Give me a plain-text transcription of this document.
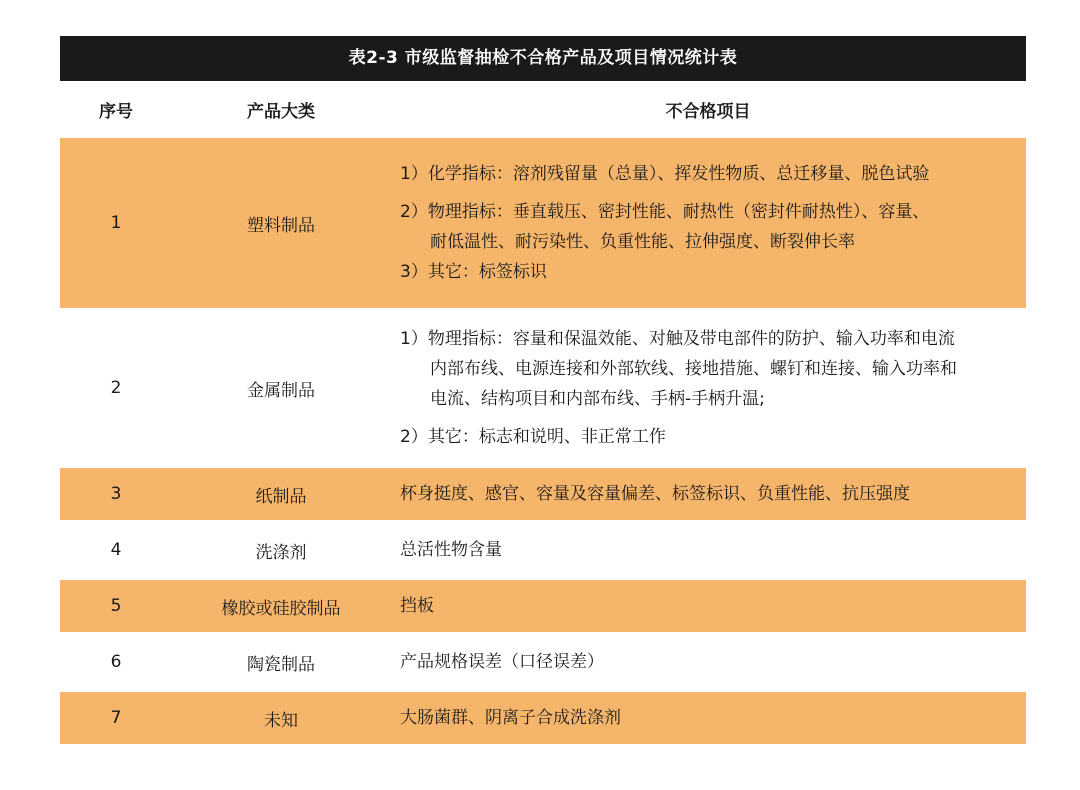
表2-3 市级监督抽检不合格产品及项目情况统计表
序号	产品大类	不合格项目
1	塑料制品	1）化学指标：溶剂残留量（总量）、挥发性物质、总迁移量、脱色试验
2）物理指标：垂直载压、密封性能、耐热性（密封件耐热性）、容量、
耐低温性、耐污染性、负重性能、拉伸强度、断裂伸长率
3）其它：标签标识

2	金属制品	1）物理指标：容量和保温效能、对触及带电部件的防护、输入功率和电流
内部布线、电源连接和外部软线、接地措施、螺钉和连接、输入功率和
电流、结构项目和内部布线、手柄-手柄升温;
2）其它：标志和说明、非正常工作

3	纸制品	杯身挺度、感官、容量及容量偏差、标签标识、负重性能、抗压强度

4	洗涤剂	总活性物含量

5	橡胶或硅胶制品	挡板

6	陶瓷制品	产品规格误差（口径误差）

7	未知	大肠菌群、阴离子合成洗涤剂
